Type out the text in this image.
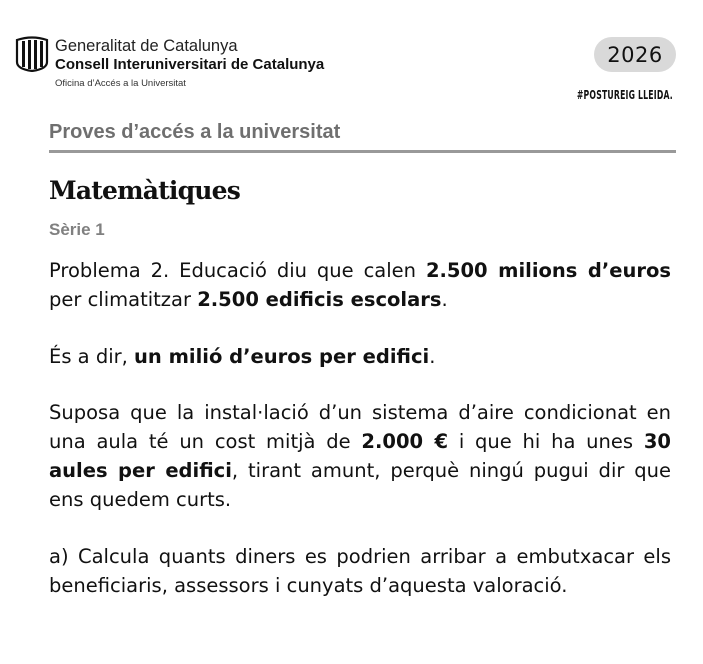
Generalitat de Catalunya
Consell Interuniversitari de Catalunya
Oficina d’Accés a la Universitat
2026
#POSTUREIG LLEIDA.
Proves d’accés a la universitat
Matemàtiques
Sèrie 1
Problema 2. Educació diu que calen 2.500 milions d’euros per climatitzar 2.500 edificis escolars.
És a dir, un milió d’euros per edifici.
Suposa que la instal·lació d’un sistema d’aire condicionat en una aula té un cost mitjà de 2.000 € i que hi ha unes 30 aules per edifici, tirant amunt, perquè ningú pugui dir que ens quedem curts.
a) Calcula quants diners es podrien arribar a embutxacar els beneficiaris, assessors i cunyats d’aquesta valoració.
